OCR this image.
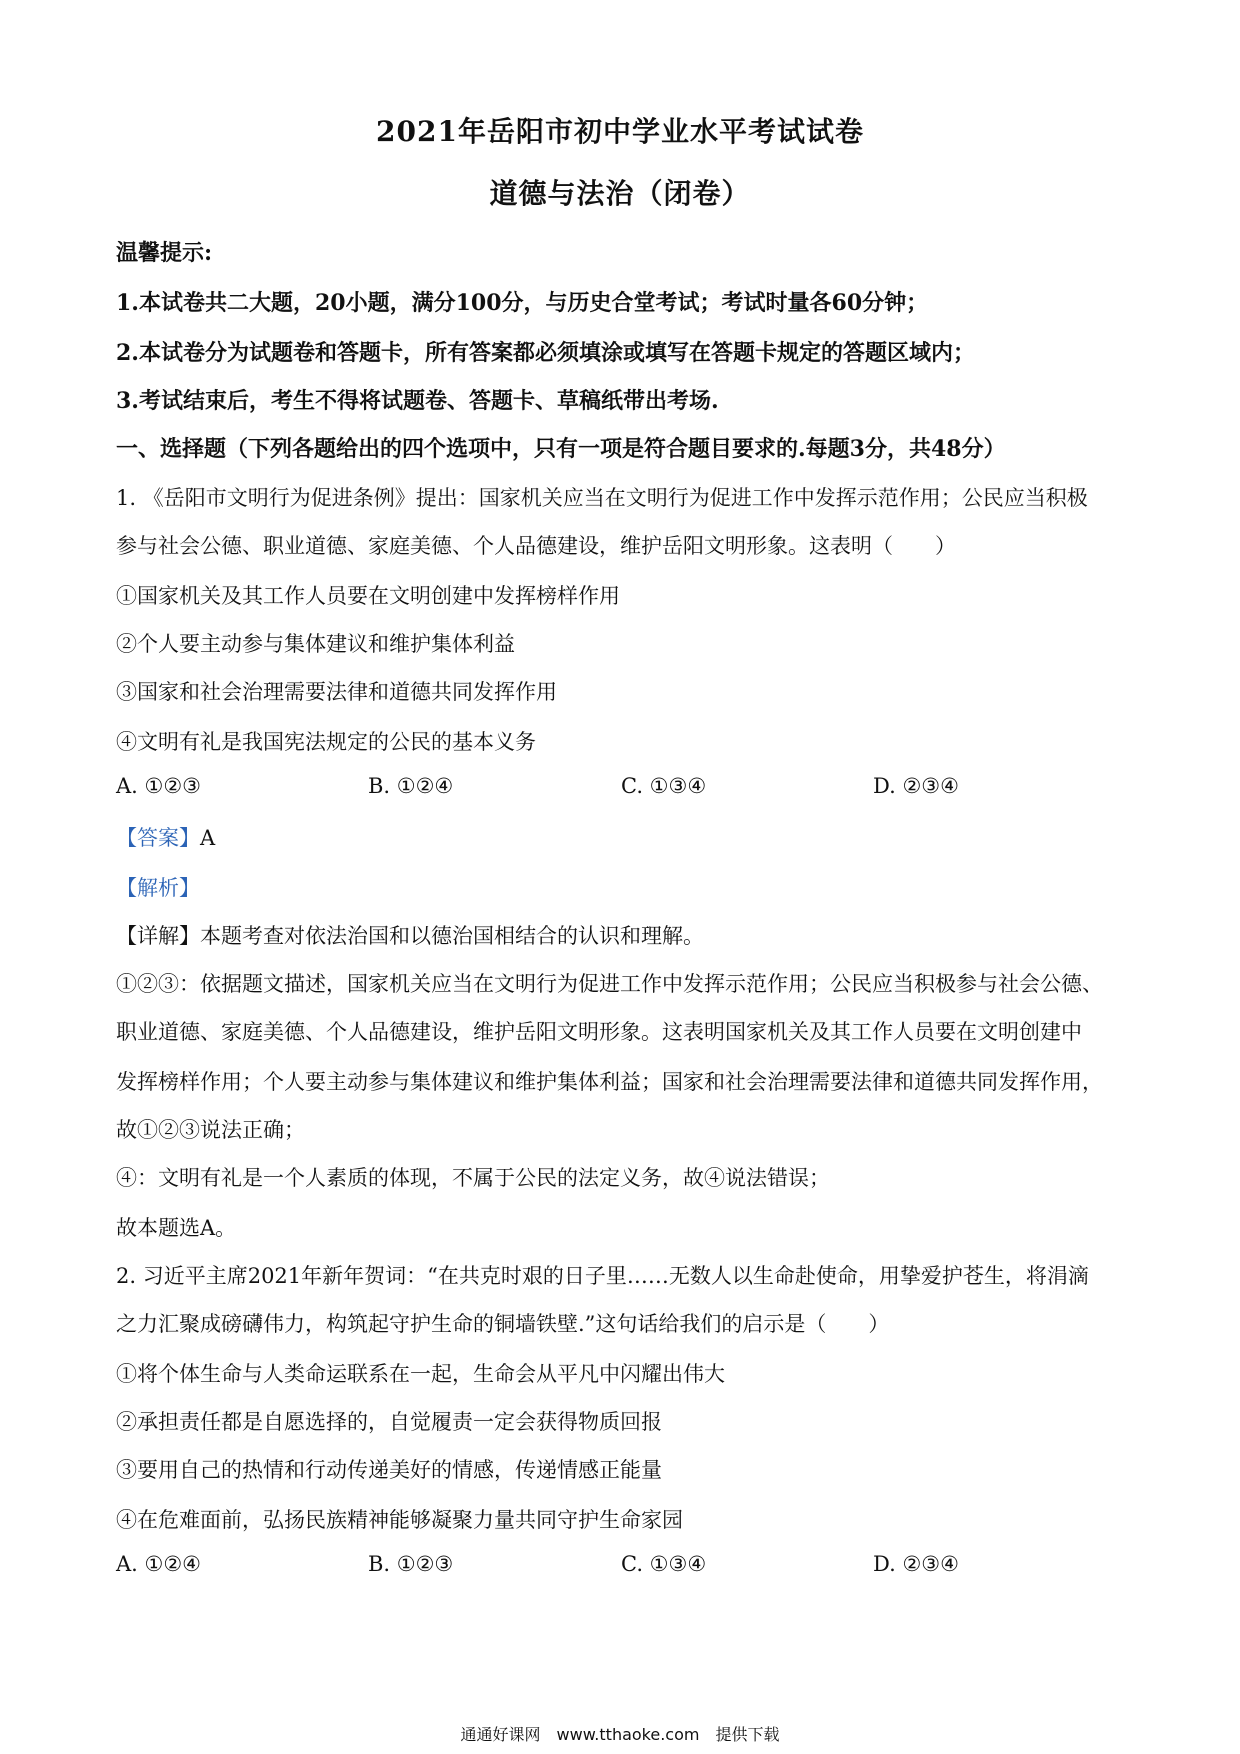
2021年岳阳市初中学业水平考试试卷
道德与法治（闭卷）
温馨提示:
1.本试卷共二大题，20小题，满分100分，与历史合堂考试；考试时量各60分钟；
2.本试卷分为试题卷和答题卡，所有答案都必须填涂或填写在答题卡规定的答题区域内；
3.考试结束后，考生不得将试题卷、答题卡、草稿纸带出考场.
一、选择题（下列各题给出的四个选项中，只有一项是符合题目要求的.每题3分，共48分）
1. 《岳阳市文明行为促进条例》提出：国家机关应当在文明行为促进工作中发挥示范作用；公民应当积极
参与社会公德、职业道德、家庭美德、个人品德建设，维护岳阳文明形象。这表明（　　）
①国家机关及其工作人员要在文明创建中发挥榜样作用
②个人要主动参与集体建议和维护集体利益
③国家和社会治理需要法律和道德共同发挥作用
④文明有礼是我国宪法规定的公民的基本义务
A. ①②③	B. ①②④	C. ①③④	D. ②③④
【答案】A
【解析】
【详解】本题考查对依法治国和以德治国相结合的认识和理解。
①②③：依据题文描述，国家机关应当在文明行为促进工作中发挥示范作用；公民应当积极参与社会公德、
职业道德、家庭美德、个人品德建设，维护岳阳文明形象。这表明国家机关及其工作人员要在文明创建中
发挥榜样作用；个人要主动参与集体建议和维护集体利益；国家和社会治理需要法律和道德共同发挥作用，
故①②③说法正确；
④：文明有礼是一个人素质的体现，不属于公民的法定义务，故④说法错误；
故本题选A。
2. 习近平主席2021年新年贺词：“在共克时艰的日子里……无数人以生命赴使命，用挚爱护苍生，将涓滴
之力汇聚成磅礴伟力，构筑起守护生命的铜墙铁壁.”这句话给我们的启示是（　　）
①将个体生命与人类命运联系在一起，生命会从平凡中闪耀出伟大
②承担责任都是自愿选择的，自觉履责一定会获得物质回报
③要用自己的热情和行动传递美好的情感，传递情感正能量
④在危难面前，弘扬民族精神能够凝聚力量共同守护生命家园
A. ①②④	B. ①②③	C. ①③④	D. ②③④
通通好课网　www.tthaoke.com　提供下载
